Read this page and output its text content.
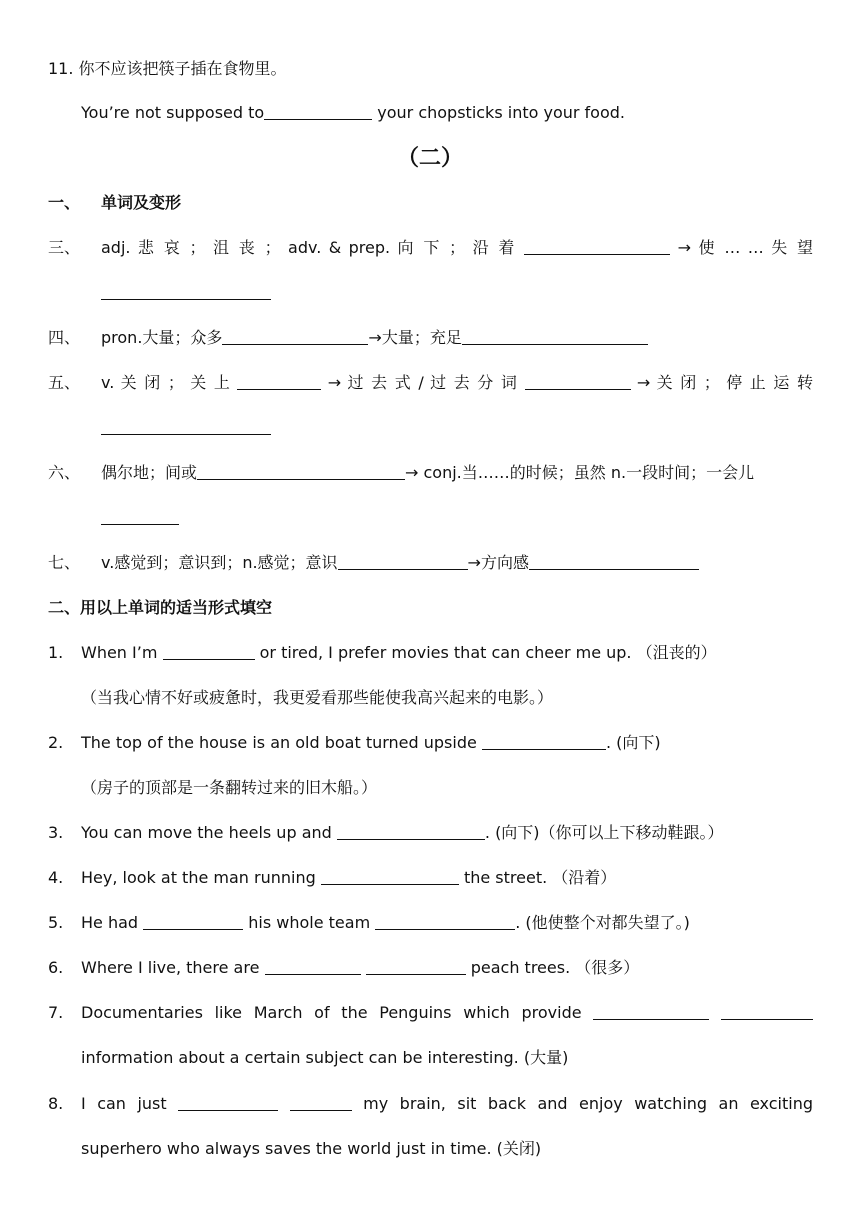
11. 你不应该把筷子插在食物里。
You’re not supposed to	your chopsticks into your food.
（二）
一、 单词及变形
三、 adj. 悲 哀 ； 沮 丧 ； adv. & prep. 向 下 ； 沿 着	→ 使 … … 失 望
四、 pron.大量；众多	→大量；充足
五、 v. 关 闭 ； 关 上	→ 过 去 式 / 过 去 分 词	→ 关 闭 ； 停 止 运 转
六、 偶尔地；间或	→ conj.当……的时候；虽然 n.一段时间；一会儿
七、 v.感觉到；意识到；n.感觉；意识	→方向感
二、用以上单词的适当形式填空
1. When I’m	or tired, I prefer movies that can cheer me up. （沮丧的）
（当我心情不好或疲惫时，我更爱看那些能使我高兴起来的电影。）
2. The top of the house is an old boat turned upside	. (向下)
（房子的顶部是一条翻转过来的旧木船。）
3. You can move the heels up and	. (向下)（你可以上下移动鞋跟。）
4. Hey, look at the man running	the street. （沿着）
5. He had	his whole team	. (他使整个对都失望了。)
6. Where I live, there are	peach trees. （很多）
7. Documentaries like March of the Penguins which provide
information about a certain subject can be interesting. (大量)
8. I can just	my brain, sit back and enjoy watching an exciting
superhero who always saves the world just in time. (关闭)
